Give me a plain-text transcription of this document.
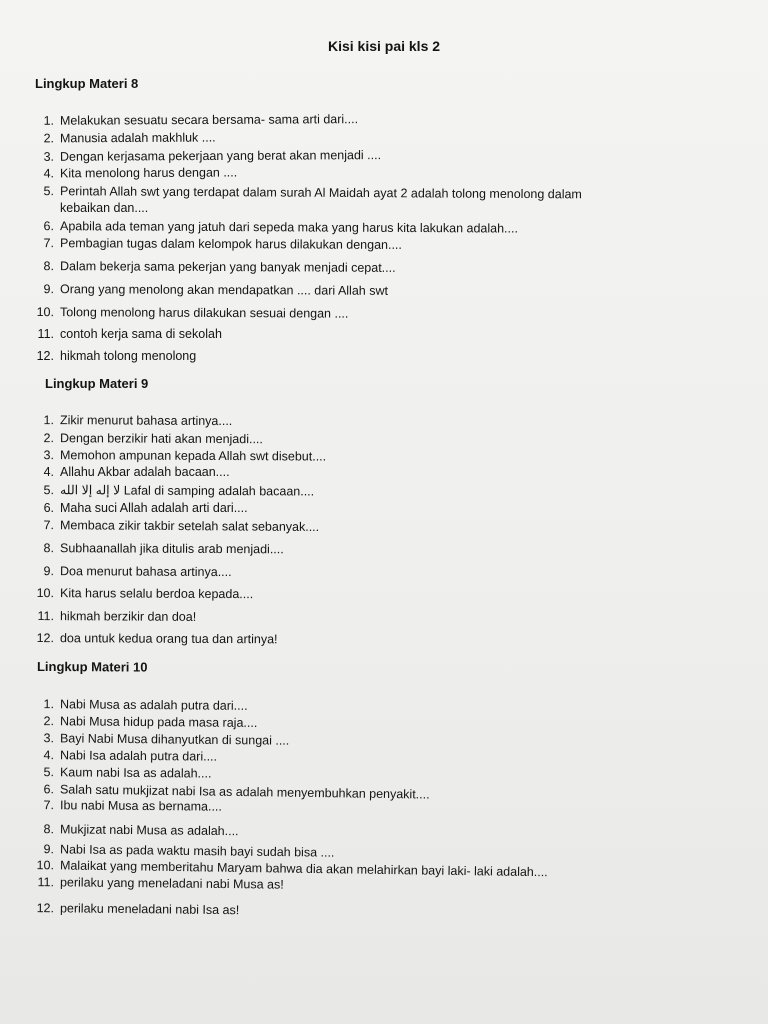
Kisi kisi pai kls 2
Lingkup Materi 8
1. Melakukan sesuatu secara bersama- sama arti dari....
2. Manusia adalah makhluk ....
3. Dengan kerjasama pekerjaan yang berat akan menjadi ....
4. Kita menolong harus dengan ....
5. Perintah Allah swt yang terdapat dalam surah Al Maidah ayat 2 adalah tolong menolong dalam
kebaikan dan....
6. Apabila ada teman yang jatuh dari sepeda maka yang harus kita lakukan adalah....
7. Pembagian tugas dalam kelompok harus dilakukan dengan....
8. Dalam bekerja sama pekerjan yang banyak menjadi cepat....
9. Orang yang menolong akan mendapatkan .... dari Allah swt
10. Tolong menolong harus dilakukan sesuai dengan ....
11. contoh kerja sama di sekolah
12. hikmah tolong menolong
Lingkup Materi 9
1. Zikir menurut bahasa artinya....
2. Dengan berzikir hati akan menjadi....
3. Memohon ampunan kepada Allah swt disebut....
4. Allahu Akbar adalah bacaan....
5. لا إله إلا الله Lafal di samping adalah bacaan....
6. Maha suci Allah adalah arti dari....
7. Membaca zikir takbir setelah salat sebanyak....
8. Subhaanallah jika ditulis arab menjadi....
9. Doa menurut bahasa artinya....
10. Kita harus selalu berdoa kepada....
11. hikmah berzikir dan doa!
12. doa untuk kedua orang tua dan artinya!
Lingkup Materi 10
1. Nabi Musa as adalah putra dari....
2. Nabi Musa hidup pada masa raja....
3. Bayi Nabi Musa dihanyutkan di sungai ....
4. Nabi Isa adalah putra dari....
5. Kaum nabi Isa as adalah....
6. Salah satu mukjizat nabi Isa as adalah menyembuhkan penyakit....
7. Ibu nabi Musa as bernama....
8. Mukjizat nabi Musa as adalah....
9. Nabi Isa as pada waktu masih bayi sudah bisa ....
10. Malaikat yang memberitahu Maryam bahwa dia akan melahirkan bayi laki- laki adalah....
11. perilaku yang meneladani nabi Musa as!
12. perilaku meneladani nabi Isa as!
